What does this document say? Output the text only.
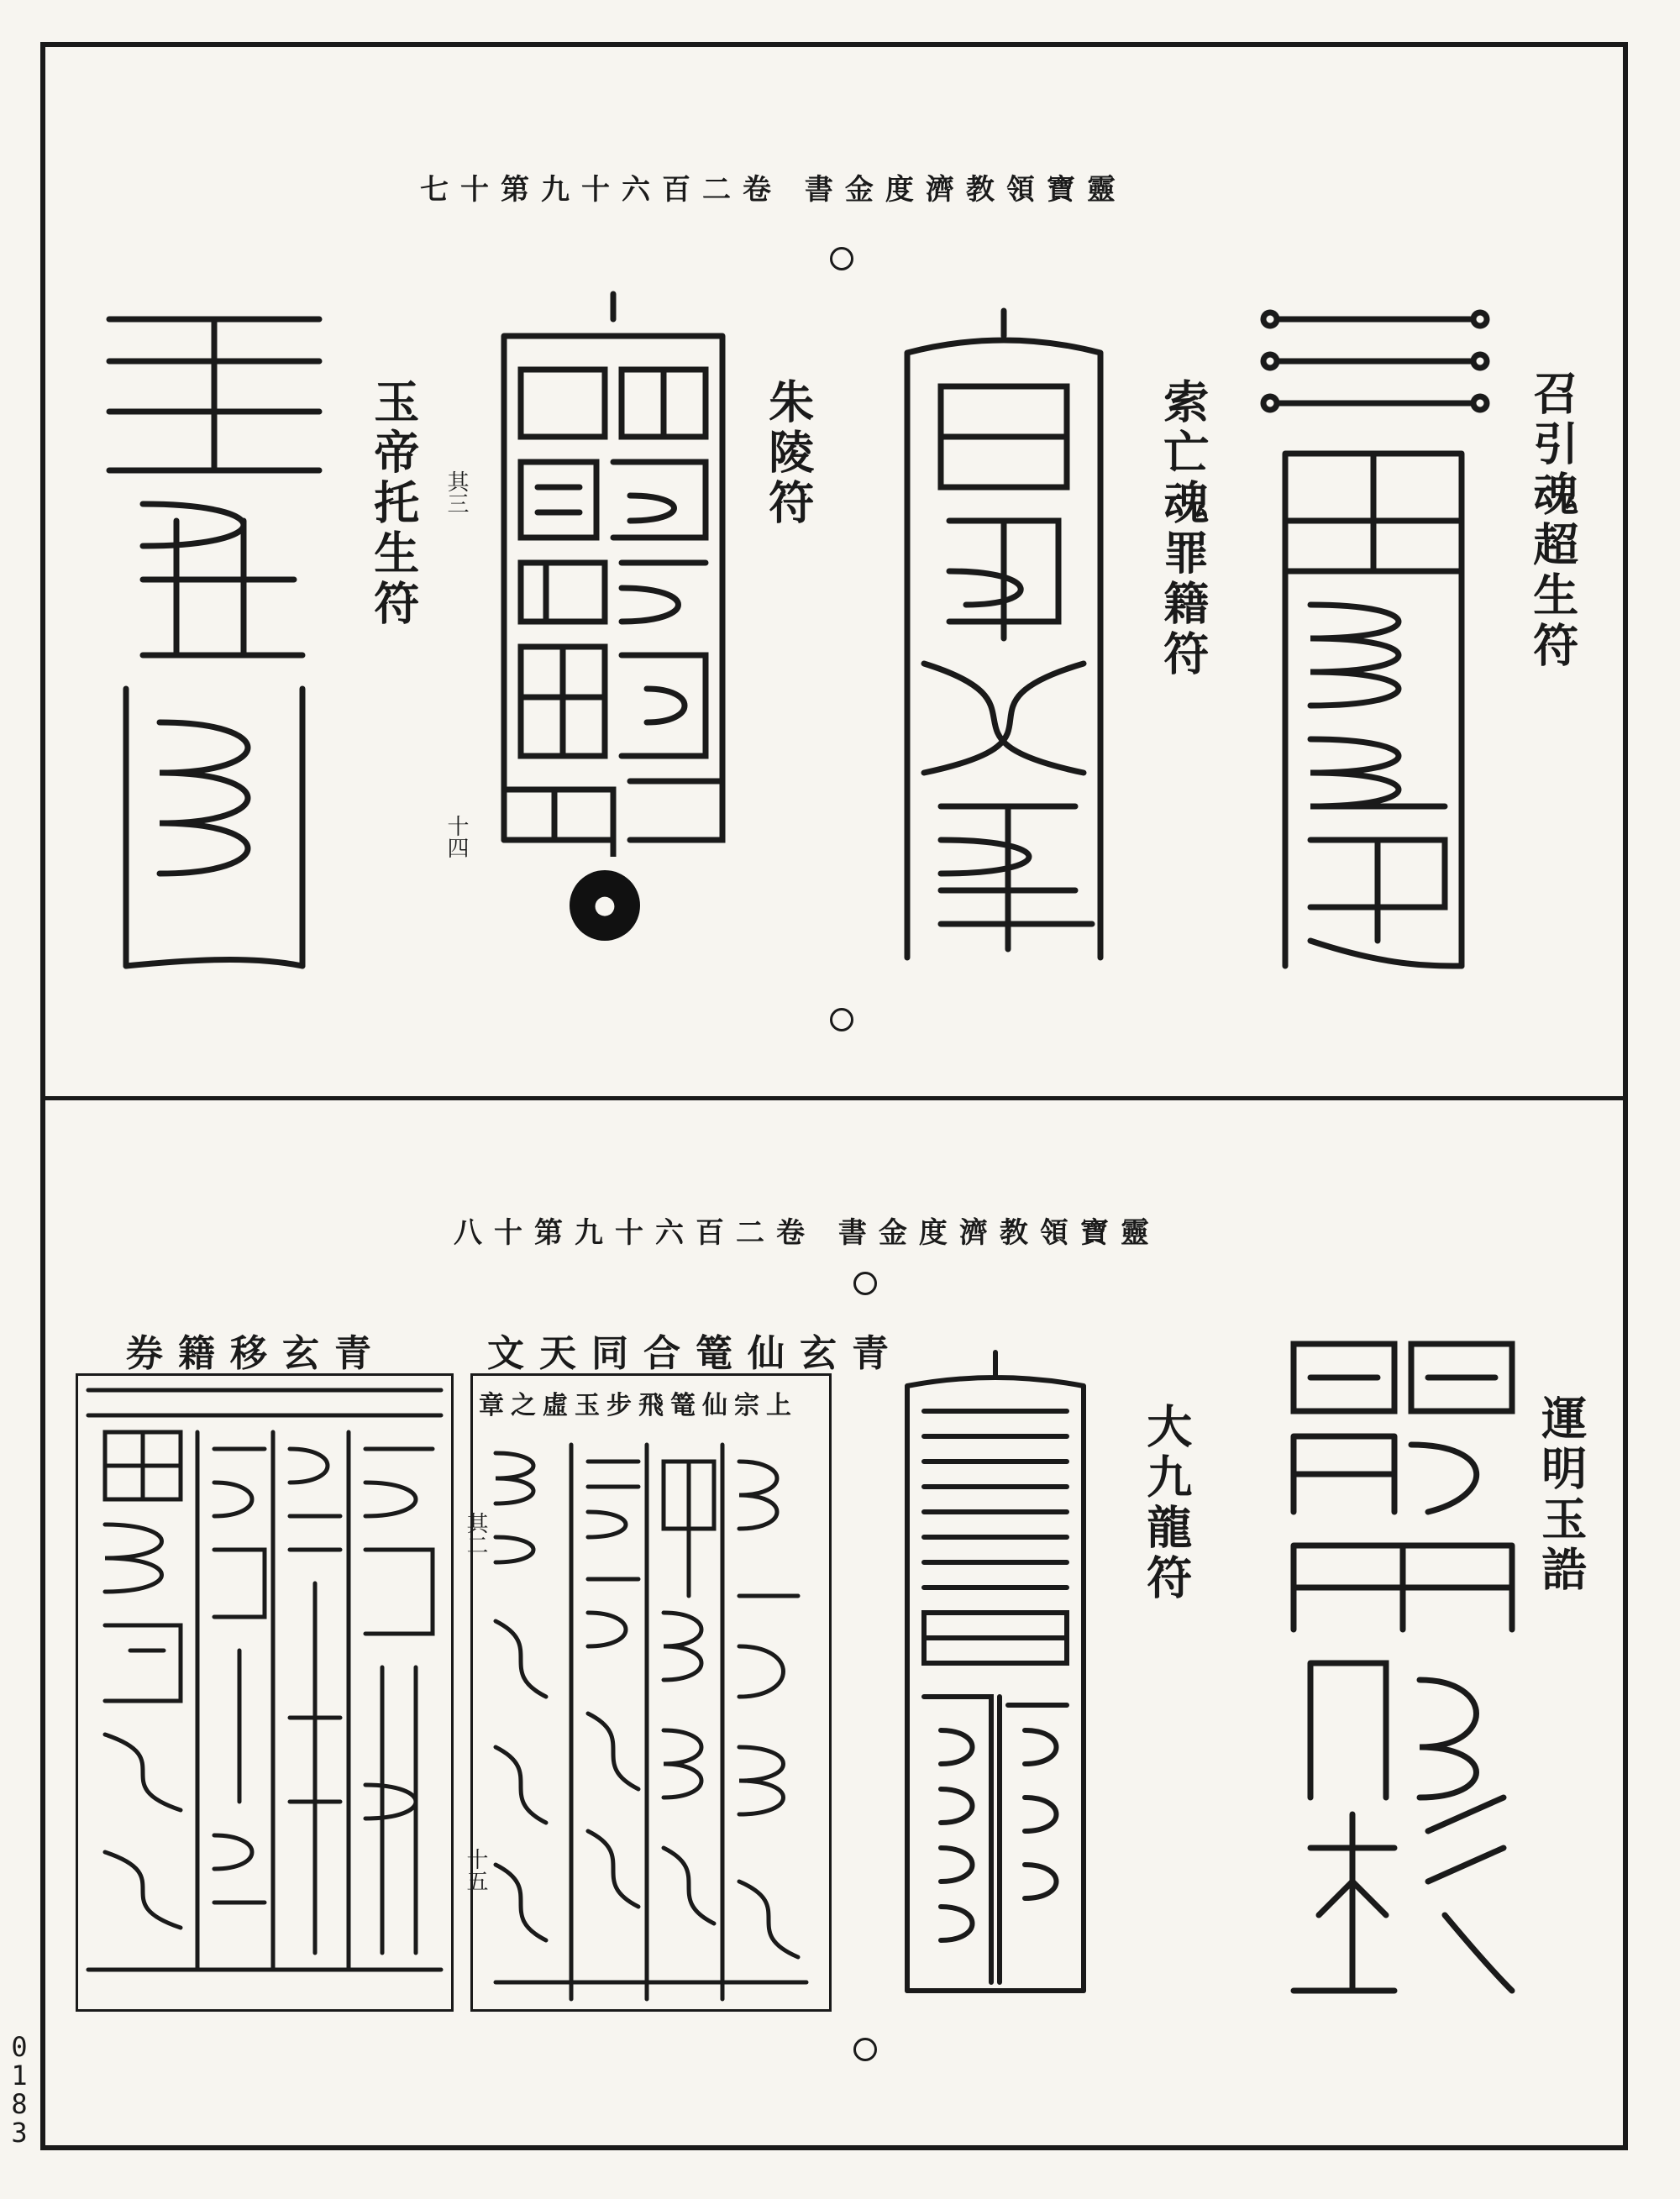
靈寶領教濟度金書 卷二百六十九第十七
召引魂超生符
索亡魂罪籍符
朱陵符
玉帝托生符 其三
十四
●
靈寶領教濟度金書 卷二百六十九第十八
運明玉誥
大九龍符
其二
十五
青玄仙篭合同天文
上宗仙篭飛步玉虛之章
青玄移籍券
0183
